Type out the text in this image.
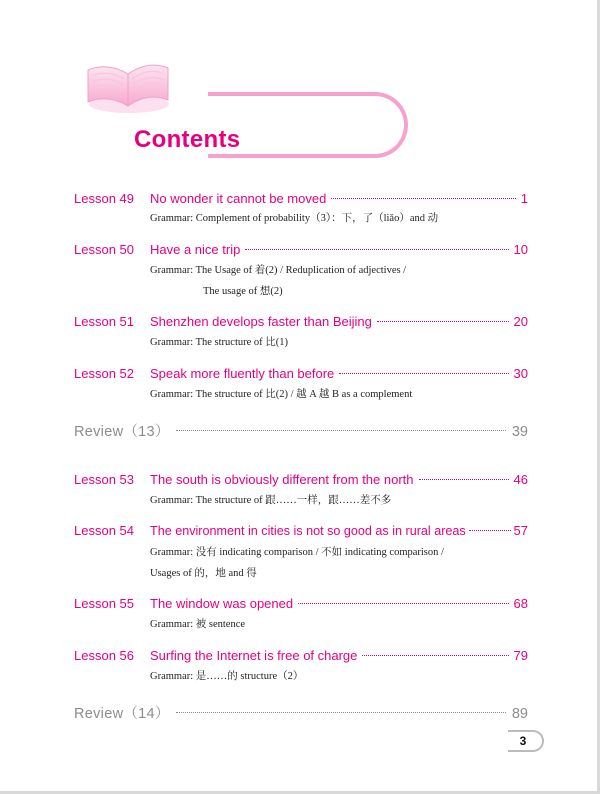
Contents
Lesson 49	No wonder it cannot be moved	1
Grammar: Complement of probability（3）：下，了（liǎo）and 动
Lesson 50	Have a nice trip	10
Grammar: The Usage of 着(2) / Reduplication of adjectives /
The usage of 想(2)
Lesson 51	Shenzhen develops faster than Beijing	20
Grammar: The structure of 比(1)
Lesson 52	Speak more fluently than before	30
Grammar: The structure of 比(2) / 越 A 越 B as a complement
Review（13）	39
Lesson 53	The south is obviously different from the north	46
Grammar: The structure of 跟……一样，跟……差不多
Lesson 54	The environment in cities is not so good as in rural areas	57
Grammar: 没有 indicating comparison / 不如 indicating comparison /
Usages of 的，地 and 得
Lesson 55	The window was opened	68
Grammar: 被 sentence
Lesson 56	Surfing the Internet is free of charge	79
Grammar: 是……的 structure（2）
Review（14）	89
3
